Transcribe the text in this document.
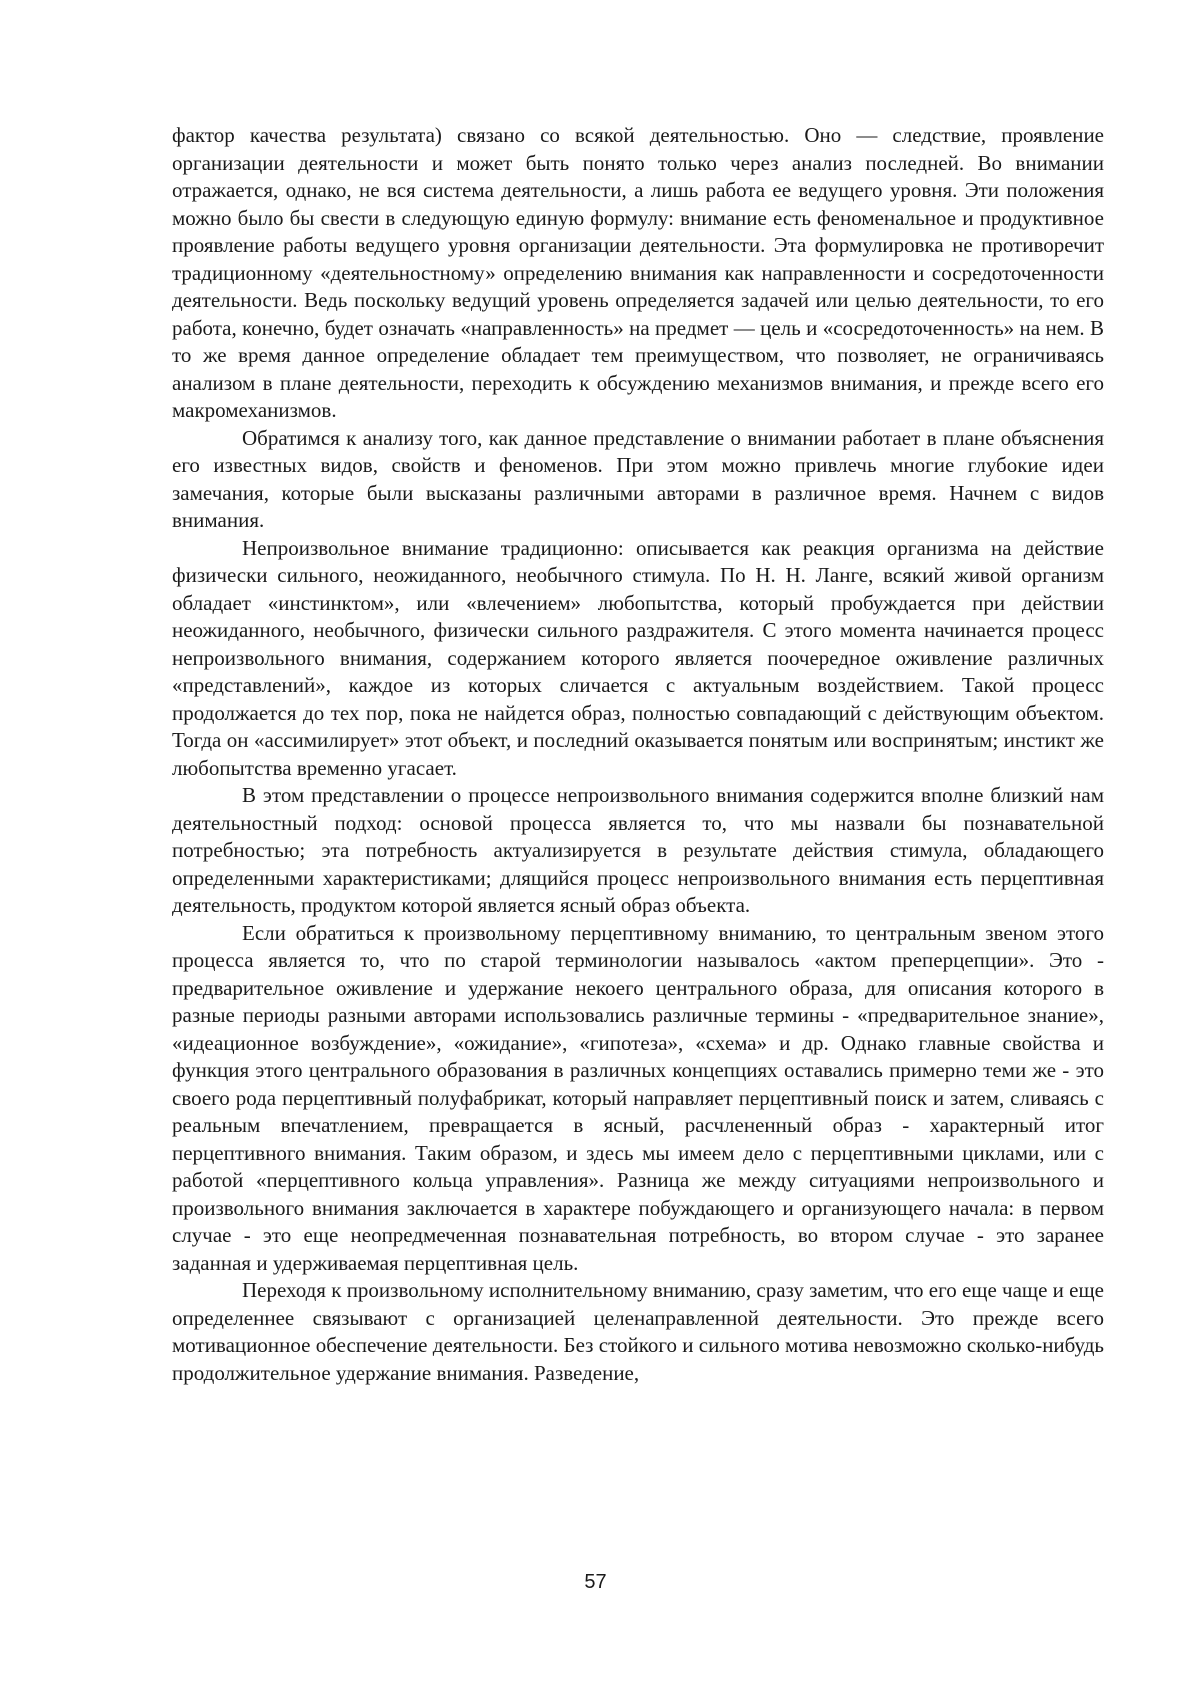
фактор качества результата) связано со всякой деятельностью. Оно — следствие, проявление организации деятельности и может быть понято только через анализ последней. Во внимании отражается, однако, не вся система деятельности, а лишь работа ее ведущего уровня. Эти положения можно было бы свести в следующую единую формулу: внимание есть феноменальное и продуктивное проявление работы ведущего уровня организации деятельности. Эта формулировка не противоречит традиционному «деятельностному» определению внимания как направленности и сосредоточенности деятельности. Ведь поскольку ведущий уровень определяется задачей или целью деятельности, то его работа, конечно, будет означать «направленность» на предмет — цель и «сосредоточенность» на нем. В то же время данное определение обладает тем преимуществом, что позволяет, не ограничиваясь анализом в плане деятельности, переходить к обсуждению механизмов внимания, и прежде всего его макромеханизмов.

Обратимся к анализу того, как данное представление о внимании работает в плане объяснения его известных видов, свойств и феноменов. При этом можно привлечь многие глубокие идеи замечания, которые были высказаны различными авторами в различное время. Начнем с видов внимания.

Непроизвольное внимание традиционно: описывается как реакция организма на действие физически сильного, неожиданного, необычного стимула. По Н. Н. Ланге, всякий живой организм обладает «инстинктом», или «влечением» любопытства, который пробуждается при действии неожиданного, необычного, физически сильного раздражителя. С этого момента начинается процесс непроизвольного внимания, содержанием которого является поочередное оживление различных «представлений», каждое из которых сличается с актуальным воздействием. Такой процесс продолжается до тех пор, пока не найдется образ, полностью совпадающий с действующим объектом. Тогда он «ассимилирует» этот объект, и последний оказывается понятым или воспринятым; инстикт же любопытства временно угасает.

В этом представлении о процессе непроизвольного внимания содержится вполне близкий нам деятельностный подход: основой процесса является то, что мы назвали бы познавательной потребностью; эта потребность актуализируется в результате действия стимула, обладающего определенными характеристиками; длящийся процесс непроизвольного внимания есть перцептивная деятельность, продуктом которой является ясный образ объекта.

Если обратиться к произвольному перцептивному вниманию, то центральным звеном этого процесса является то, что по старой терминологии называлось «актом преперцепции». Это - предварительное оживление и удержание некоего центрального образа, для описания которого в разные периоды разными авторами использовались различные термины - «предварительное знание», «идеационное возбуждение», «ожидание», «гипотеза», «схема» и др. Однако главные свойства и функция этого центрального образования в различных концепциях оставались примерно теми же - это своего рода перцептивный полуфабрикат, который направляет перцептивный поиск и затем, сливаясь с реальным впечатлением, превращается в ясный, расчлененный образ - характерный итог перцептивного внимания. Таким образом, и здесь мы имеем дело с перцептивными циклами, или с работой «перцептивного кольца управления». Разница же между ситуациями непроизвольного и произвольного внимания заключается в характере побуждающего и организующего начала: в первом случае - это еще неопредмеченная познавательная потребность, во втором случае - это заранее заданная и удерживаемая перцептивная цель.

Переходя к произвольному исполнительному вниманию, сразу заметим, что его еще чаще и еще определеннее связывают с организацией целенаправленной деятельности. Это прежде всего мотивационное обеспечение деятельности. Без стойкого и сильного мотива невозможно сколько-нибудь продолжительное удержание внимания. Разведение,

57
